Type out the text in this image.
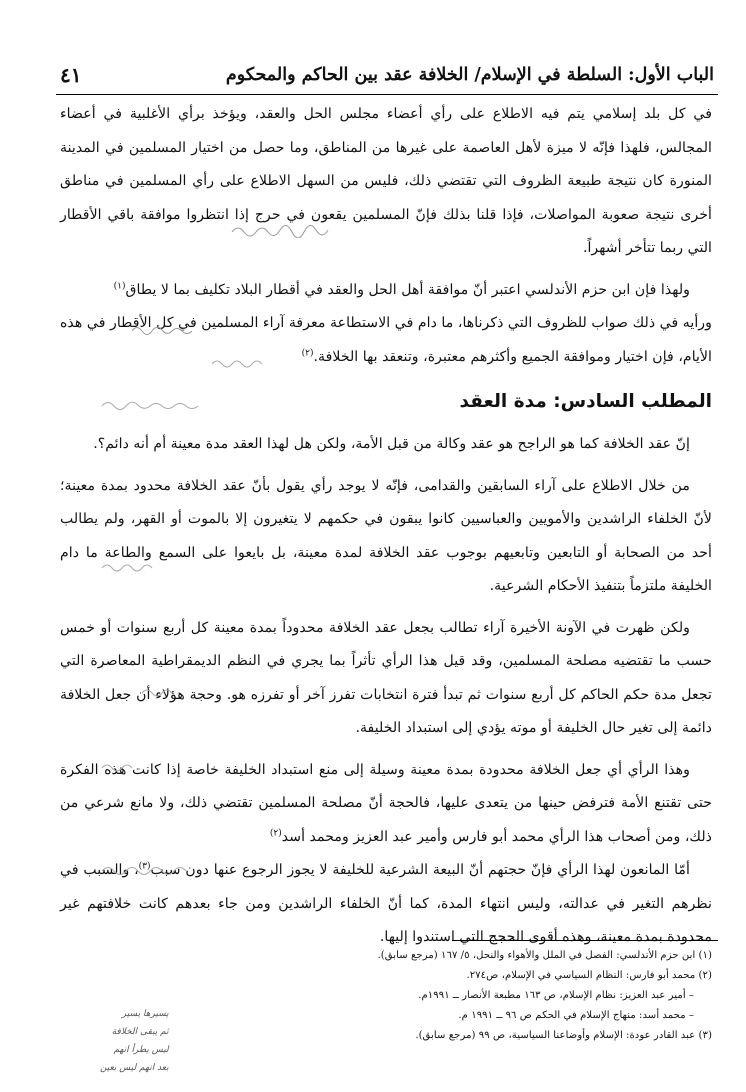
الباب الأول: السلطة في الإسلام/ الخلافة عقد بين الحاكم والمحكوم
٤١

في كل بلد إسلامي يتم فيه الاطلاع على رأي أعضاء مجلس الحل والعقد، ويؤخذ برأي الأغلبية في أعضاء المجالس، فلهذا فإنّه لا ميزة لأهل العاصمة على غيرها من المناطق، وما حصل من اختيار المسلمين في المدينة المنورة كان نتيجة طبيعة الظروف التي تقتضي ذلك، فليس من السهل الاطلاع على رأي المسلمين في مناطق أخرى نتيجة صعوبة المواصلات، فإذا قلنا بذلك فإنّ المسلمين يقعون في حرج إذا انتظروا موافقة باقي الأقطار التي ربما تتأخر أشهراً.

ولهذا فإن ابن حزم الأندلسي اعتبر أنّ موافقة أهل الحل والعقد في أقطار البلاد تكليف بما لا يطاق$^{(١)}$

ورأيه في ذلك صواب للظروف التي ذكرناها، ما دام في الاستطاعة معرفة آراء المسلمين في كل الأقطار في هذه الأيام، فإن اختيار وموافقة الجميع وأكثرهم معتبرة، وتنعقد بها الخلافة.$^{(٢)}$

المطلب السادس: مدة العقد

إنّ عقد الخلافة كما هو الراجح هو عقد وكالة من قبل الأمة، ولكن هل لهذا العقد مدة معينة أم أنه دائم؟.

من خلال الاطلاع على آراء السابقين والقدامى، فإنّه لا يوجد رأي يقول بأنّ عقد الخلافة محدود بمدة معينة؛ لأنّ الخلفاء الراشدين والأمويين والعباسيين كانوا يبقون في حكمهم لا يتغيرون إلا بالموت أو القهر، ولم يطالب أحد من الصحابة أو التابعين وتابعيهم بوجوب عقد الخلافة لمدة معينة، بل بايعوا على السمع والطاعة ما دام الخليفة ملتزماً بتنفيذ الأحكام الشرعية.

ولكن ظهرت في الآونة الأخيرة آراء تطالب بجعل عقد الخلافة محدوداً بمدة معينة كل أربع سنوات أو خمس حسب ما تقتضيه مصلحة المسلمين، وقد قيل هذا الرأي تأثراً بما يجري في النظم الديمقراطية المعاصرة التي تجعل مدة حكم الحاكم كل أربع سنوات ثم تبدأ فترة انتخابات تفرز آخر أو تفرزه هو. وحجة هؤلاء أن جعل الخلافة دائمة إلى تغير حال الخليفة أو موته يؤدي إلى استبداد الخليفة.

وهذا الرأي أي جعل الخلافة محدودة بمدة معينة وسيلة إلى منع استبداد الخليفة خاصة إذا كانت هذه الفكرة حتى تقتنع الأمة فترفض حينها من يتعدى عليها، فالحجة أنّ مصلحة المسلمين تقتضي ذلك، ولا مانع شرعي من ذلك، ومن أصحاب هذا الرأي محمد أبو فارس وأمير عبد العزيز ومحمد أسد$^{(٢)}$

أمّا المانعون لهذا الرأي فإنّ حجتهم أنّ البيعة الشرعية للخليفة لا يجوز الرجوع عنها دون سبب$^{(٣)}$، والسبب في نظرهم التغير في عدالته، وليس انتهاء المدة، كما أنّ الخلفاء الراشدين ومن جاء بعدهم كانت خلافتهم غير محدودة بمدة معينة، وهذه أقوى الحجج التي استندوا إليها.

(١) ابن حزم الأندلسي: الفصل في الملل والأهواء والنحل، ٥/ ١٦٧ (مرجع سابق).
(٢) محمد أبو فارس: النظام السياسي في الإسلام، ص٢٧٤.
– أمير عبد العزيز: نظام الإسلام، ص ١٦٣ مطبعة الأنصار ــ ١٩٩١م.
– محمد أسد: منهاج الإسلام في الحكم ص ٩٦ ــ ١٩٩١ م.
(٣) عبد القادر عودة: الإسلام وأوضاعنا السياسية، ص ٩٩ (مرجع سابق).
يسيرها يسير
ثم يبقى الخلافة
ليس يطرأ انهم
بعد انهم ليس بعين
